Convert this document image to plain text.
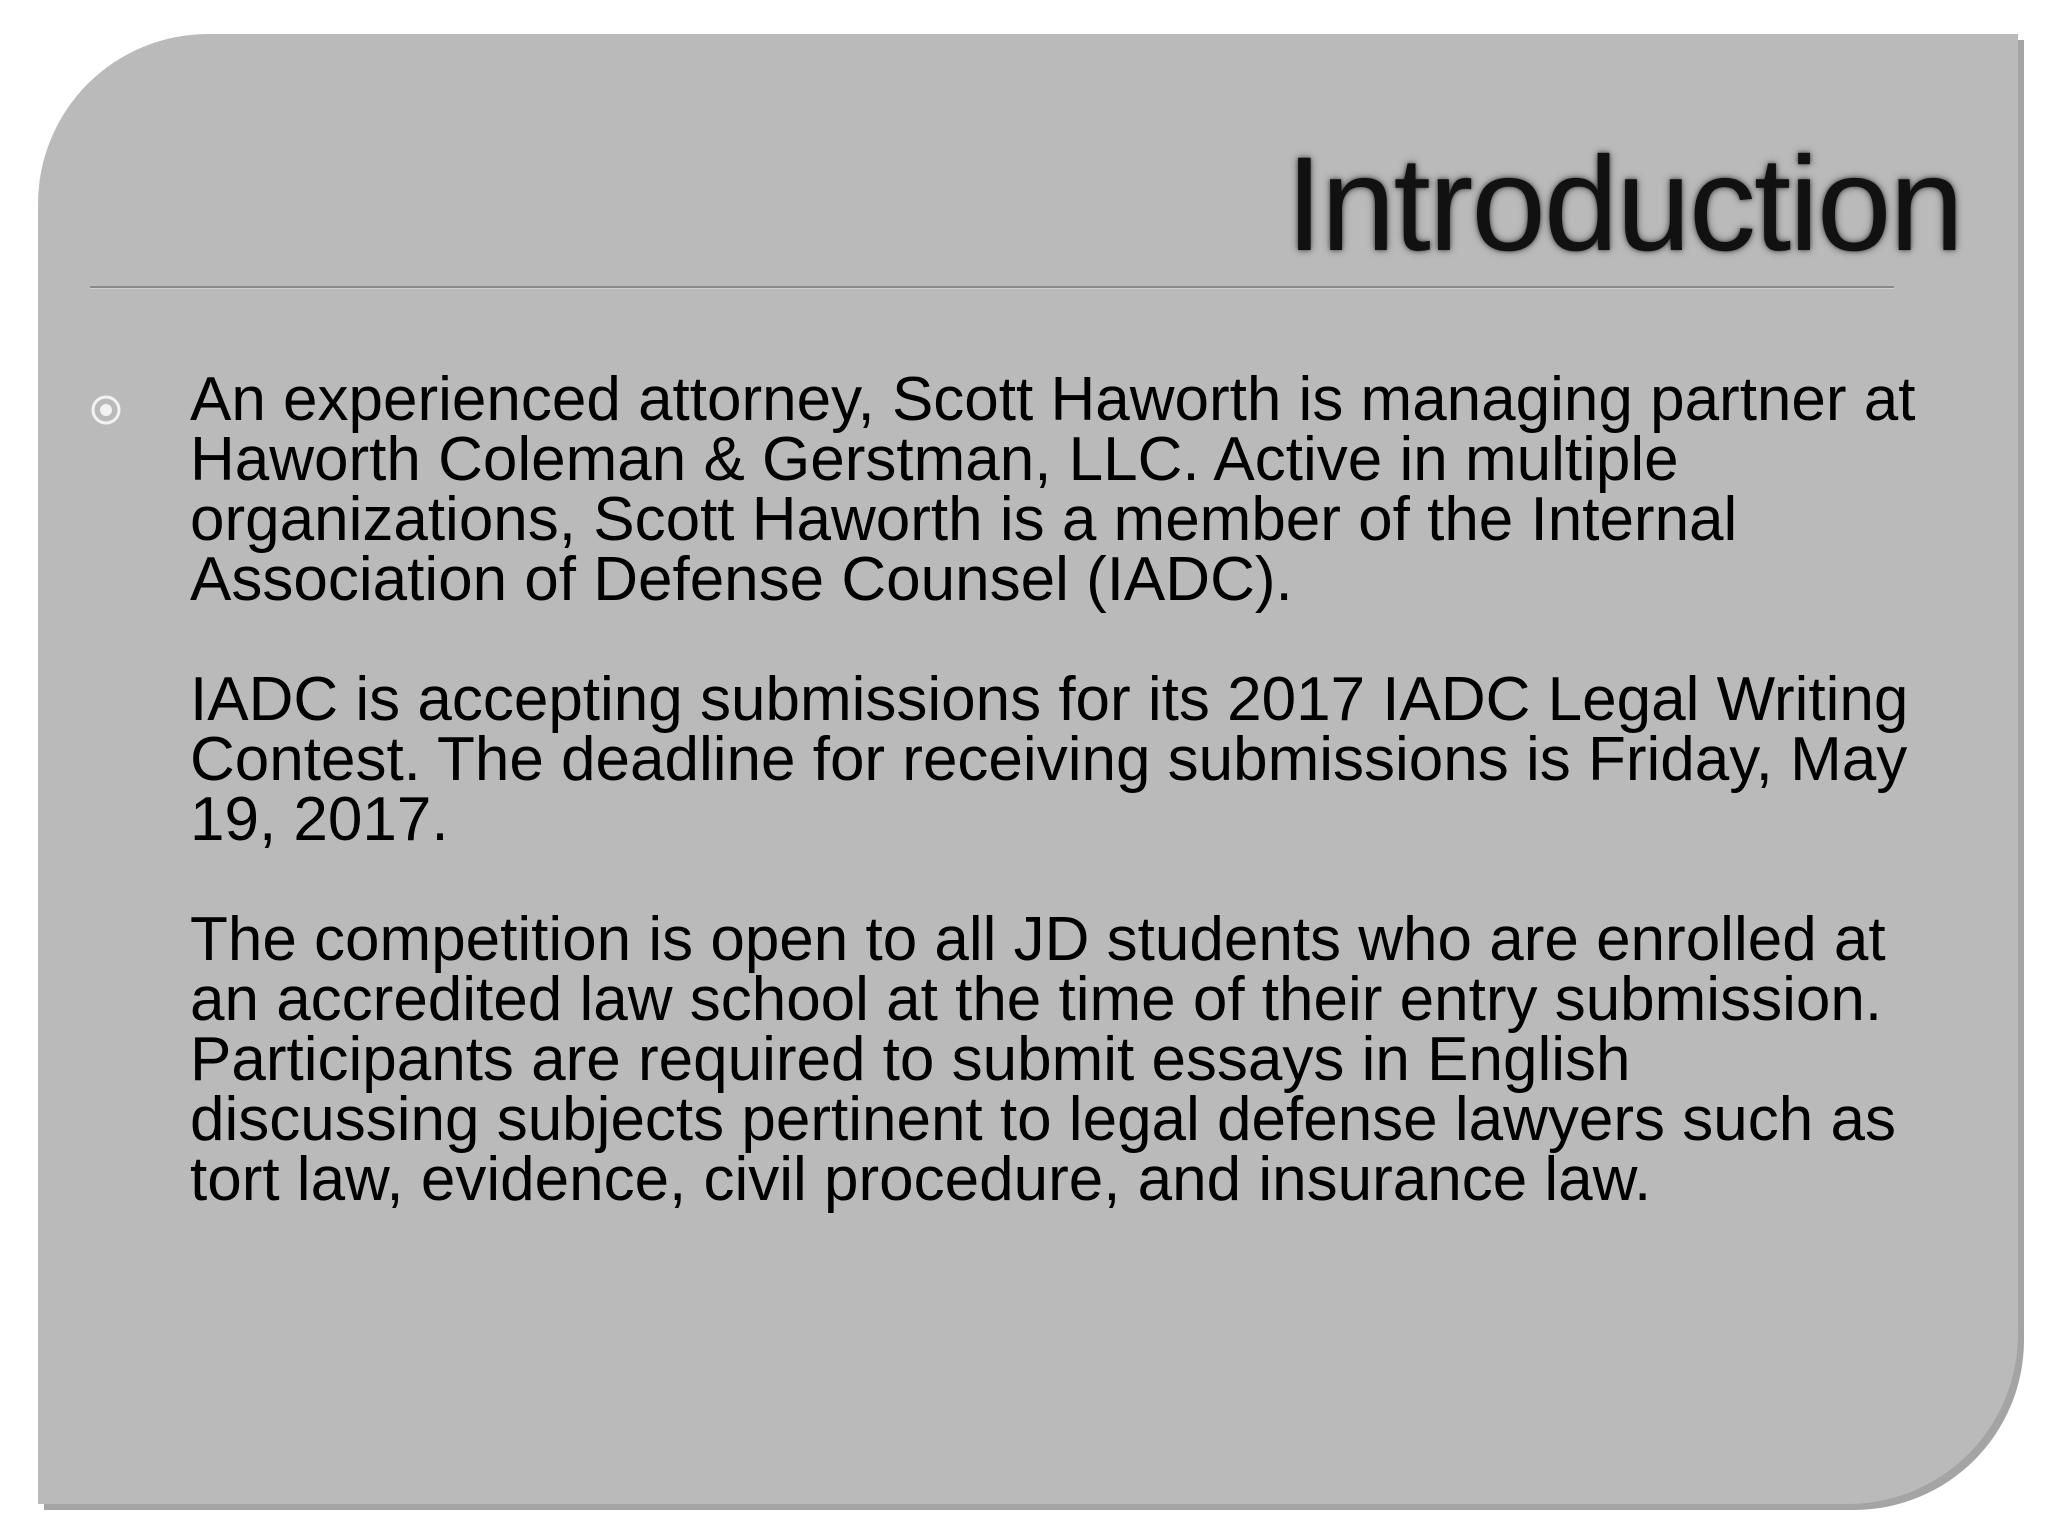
Introduction

An experienced attorney, Scott Haworth is managing partner at Haworth Coleman & Gerstman, LLC. Active in multiple organizations, Scott Haworth is a member of the Internal Association of Defense Counsel (IADC).

IADC is accepting submissions for its 2017 IADC Legal Writing Contest. The deadline for receiving submissions is Friday, May 19, 2017.

The competition is open to all JD students who are enrolled at an accredited law school at the time of their entry submission. Participants are required to submit essays in English discussing subjects pertinent to legal defense lawyers such as tort law, evidence, civil procedure, and insurance law.
